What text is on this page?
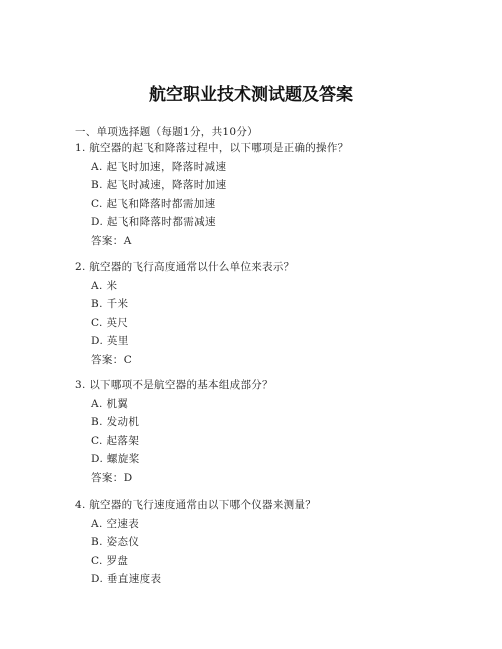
航空职业技术测试题及答案
一、单项选择题（每题1分，共10分）
1. 航空器的起飞和降落过程中，以下哪项是正确的操作？
A. 起飞时加速，降落时减速
B. 起飞时减速，降落时加速
C. 起飞和降落时都需加速
D. 起飞和降落时都需减速
答案：A
2. 航空器的飞行高度通常以什么单位来表示？
A. 米
B. 千米
C. 英尺
D. 英里
答案：C
3. 以下哪项不是航空器的基本组成部分？
A. 机翼
B. 发动机
C. 起落架
D. 螺旋桨
答案：D
4. 航空器的飞行速度通常由以下哪个仪器来测量？
A. 空速表
B. 姿态仪
C. 罗盘
D. 垂直速度表
